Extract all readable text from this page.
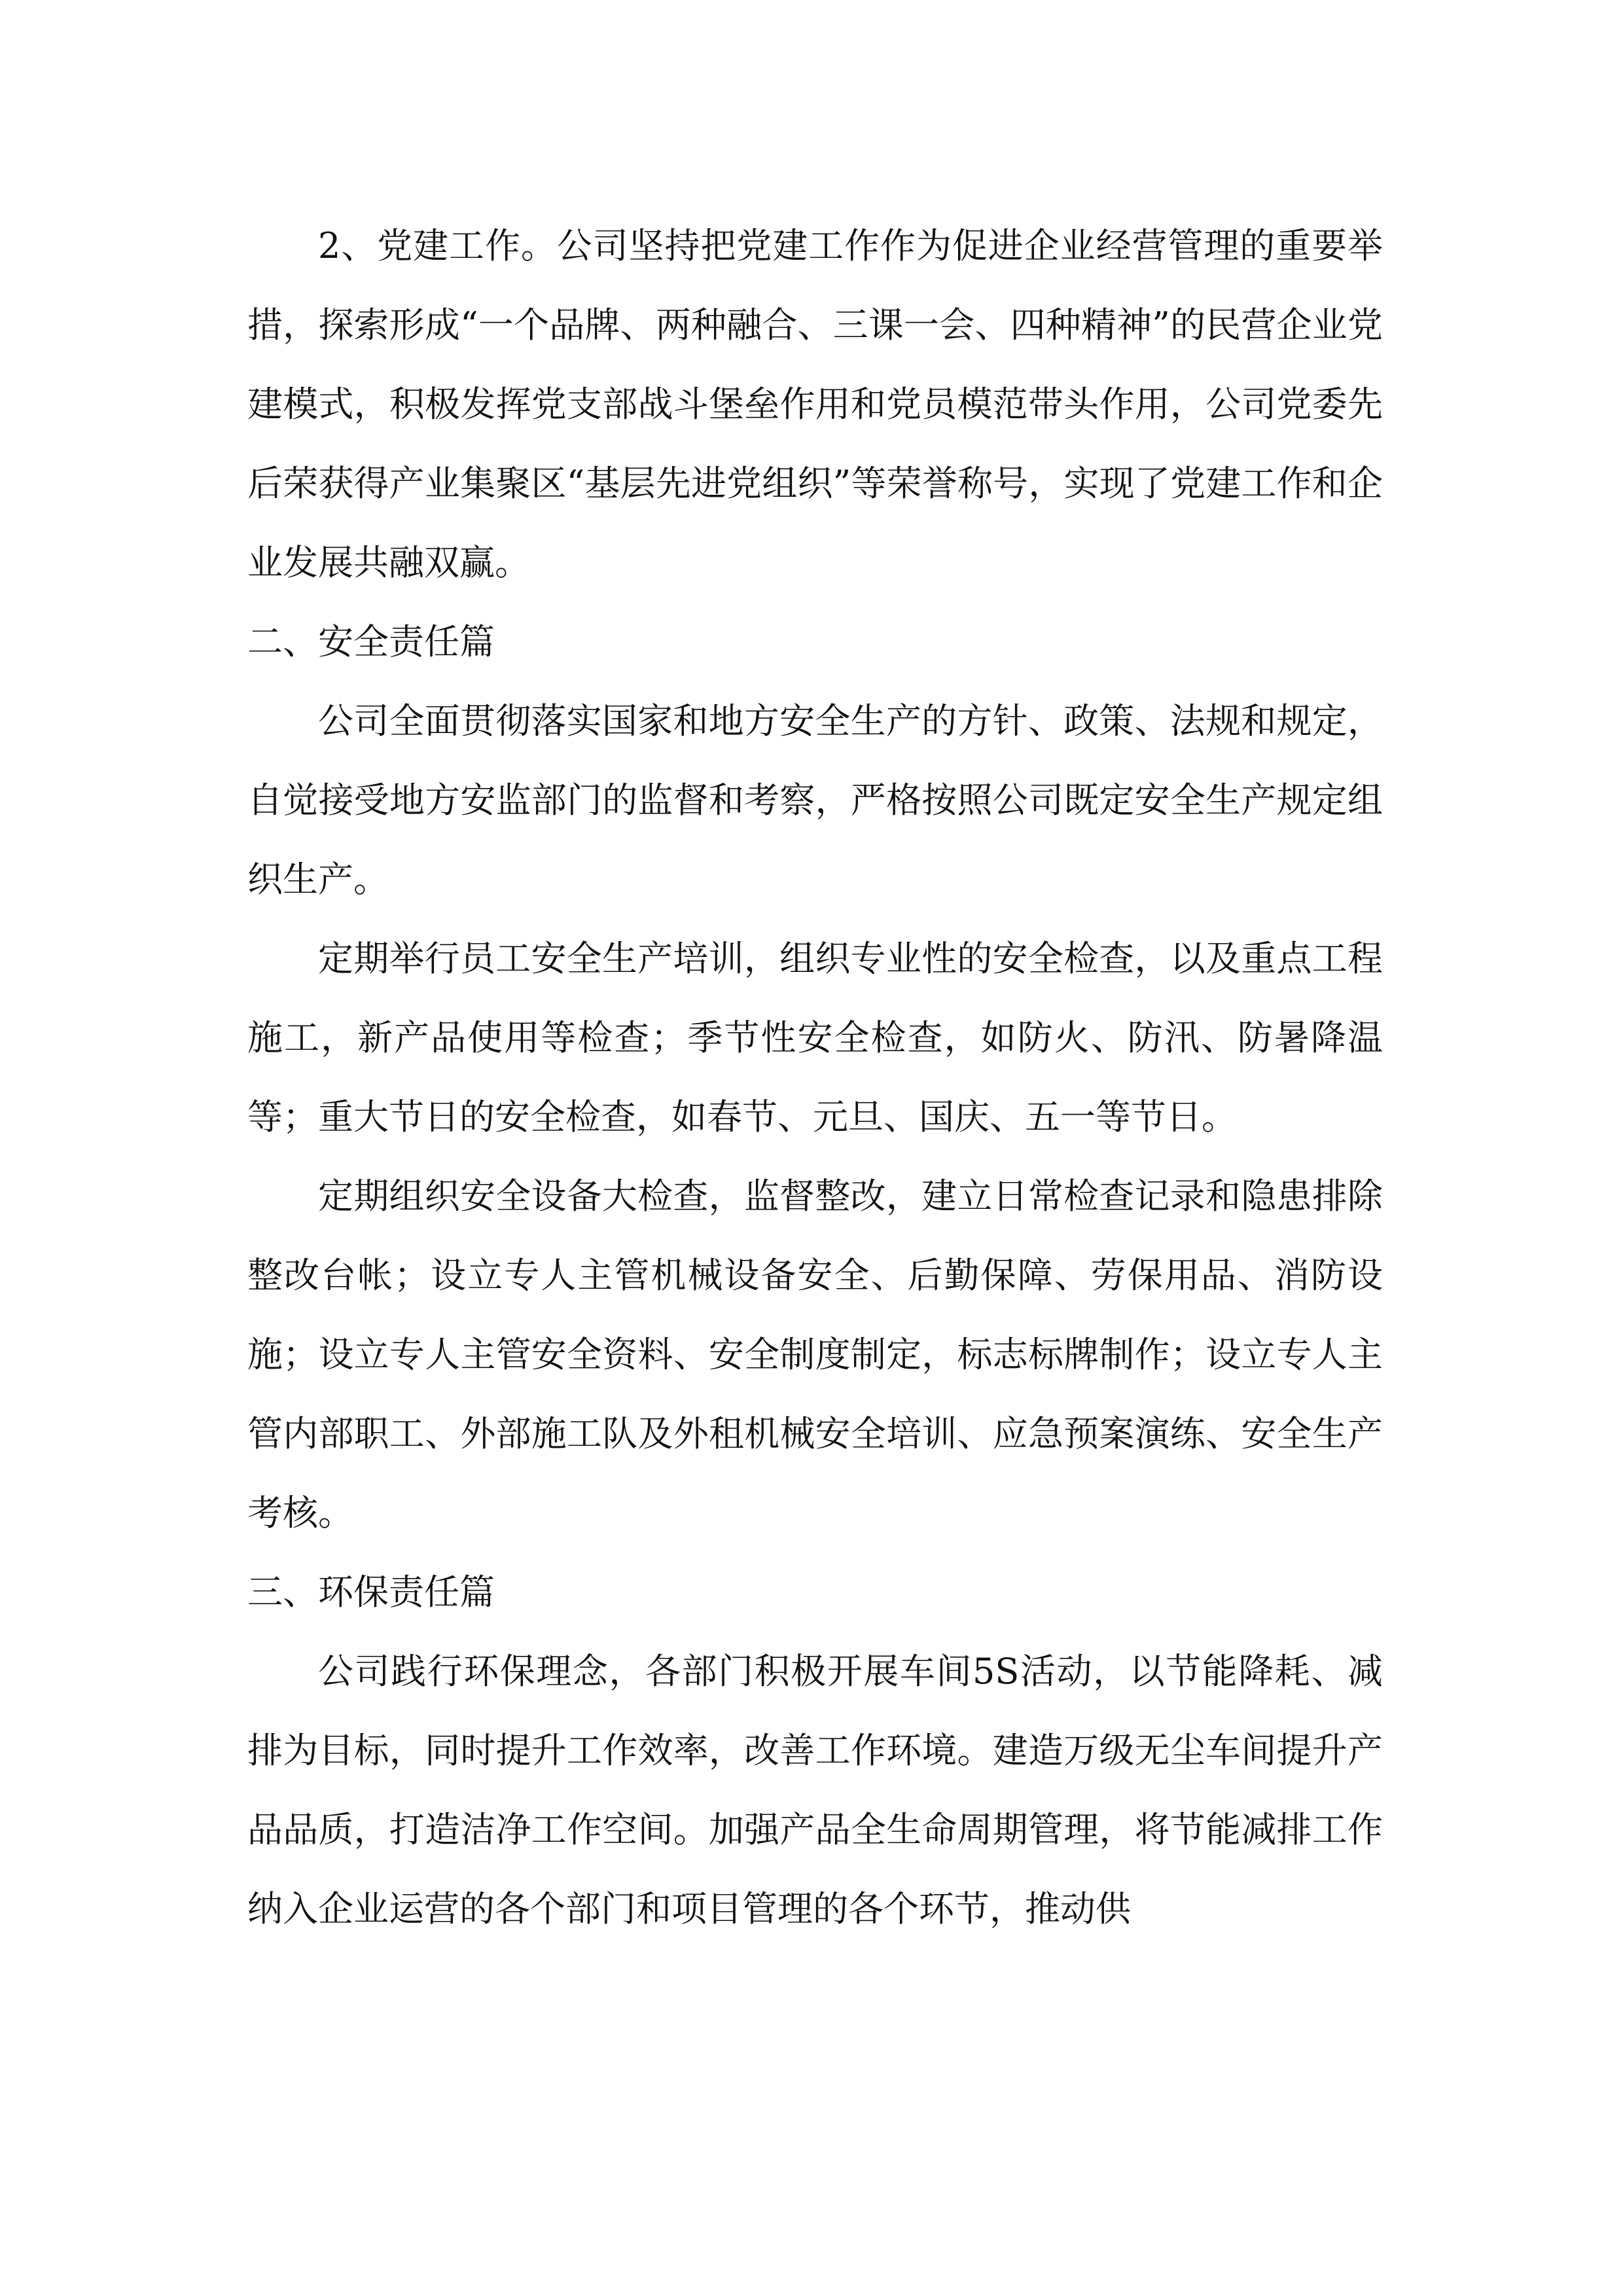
2、党建工作。公司坚持把党建工作作为促进企业经营管理的重要举措，探索形成“一个品牌、两种融合、三课一会、四种精神”的民营企业党建模式，积极发挥党支部战斗堡垒作用和党员模范带头作用，公司党委先后荣获得产业集聚区“基层先进党组织”等荣誉称号，实现了党建工作和企业发展共融双赢。

二、安全责任篇

公司全面贯彻落实国家和地方安全生产的方针、政策、法规和规定，自觉接受地方安监部门的监督和考察，严格按照公司既定安全生产规定组织生产。

定期举行员工安全生产培训，组织专业性的安全检查，以及重点工程施工，新产品使用等检查；季节性安全检查，如防火、防汛、防暑降温等；重大节日的安全检查，如春节、元旦、国庆、五一等节日。

定期组织安全设备大检查，监督整改，建立日常检查记录和隐患排除整改台帐；设立专人主管机械设备安全、后勤保障、劳保用品、消防设施；设立专人主管安全资料、安全制度制定，标志标牌制作；设立专人主管内部职工、外部施工队及外租机械安全培训、应急预案演练、安全生产考核。

三、环保责任篇

公司践行环保理念，各部门积极开展车间5S活动，以节能降耗、减排为目标，同时提升工作效率，改善工作环境。建造万级无尘车间提升产品品质，打造洁净工作空间。加强产品全生命周期管理，将节能减排工作纳入企业运营的各个部门和项目管理的各个环节，推动供
